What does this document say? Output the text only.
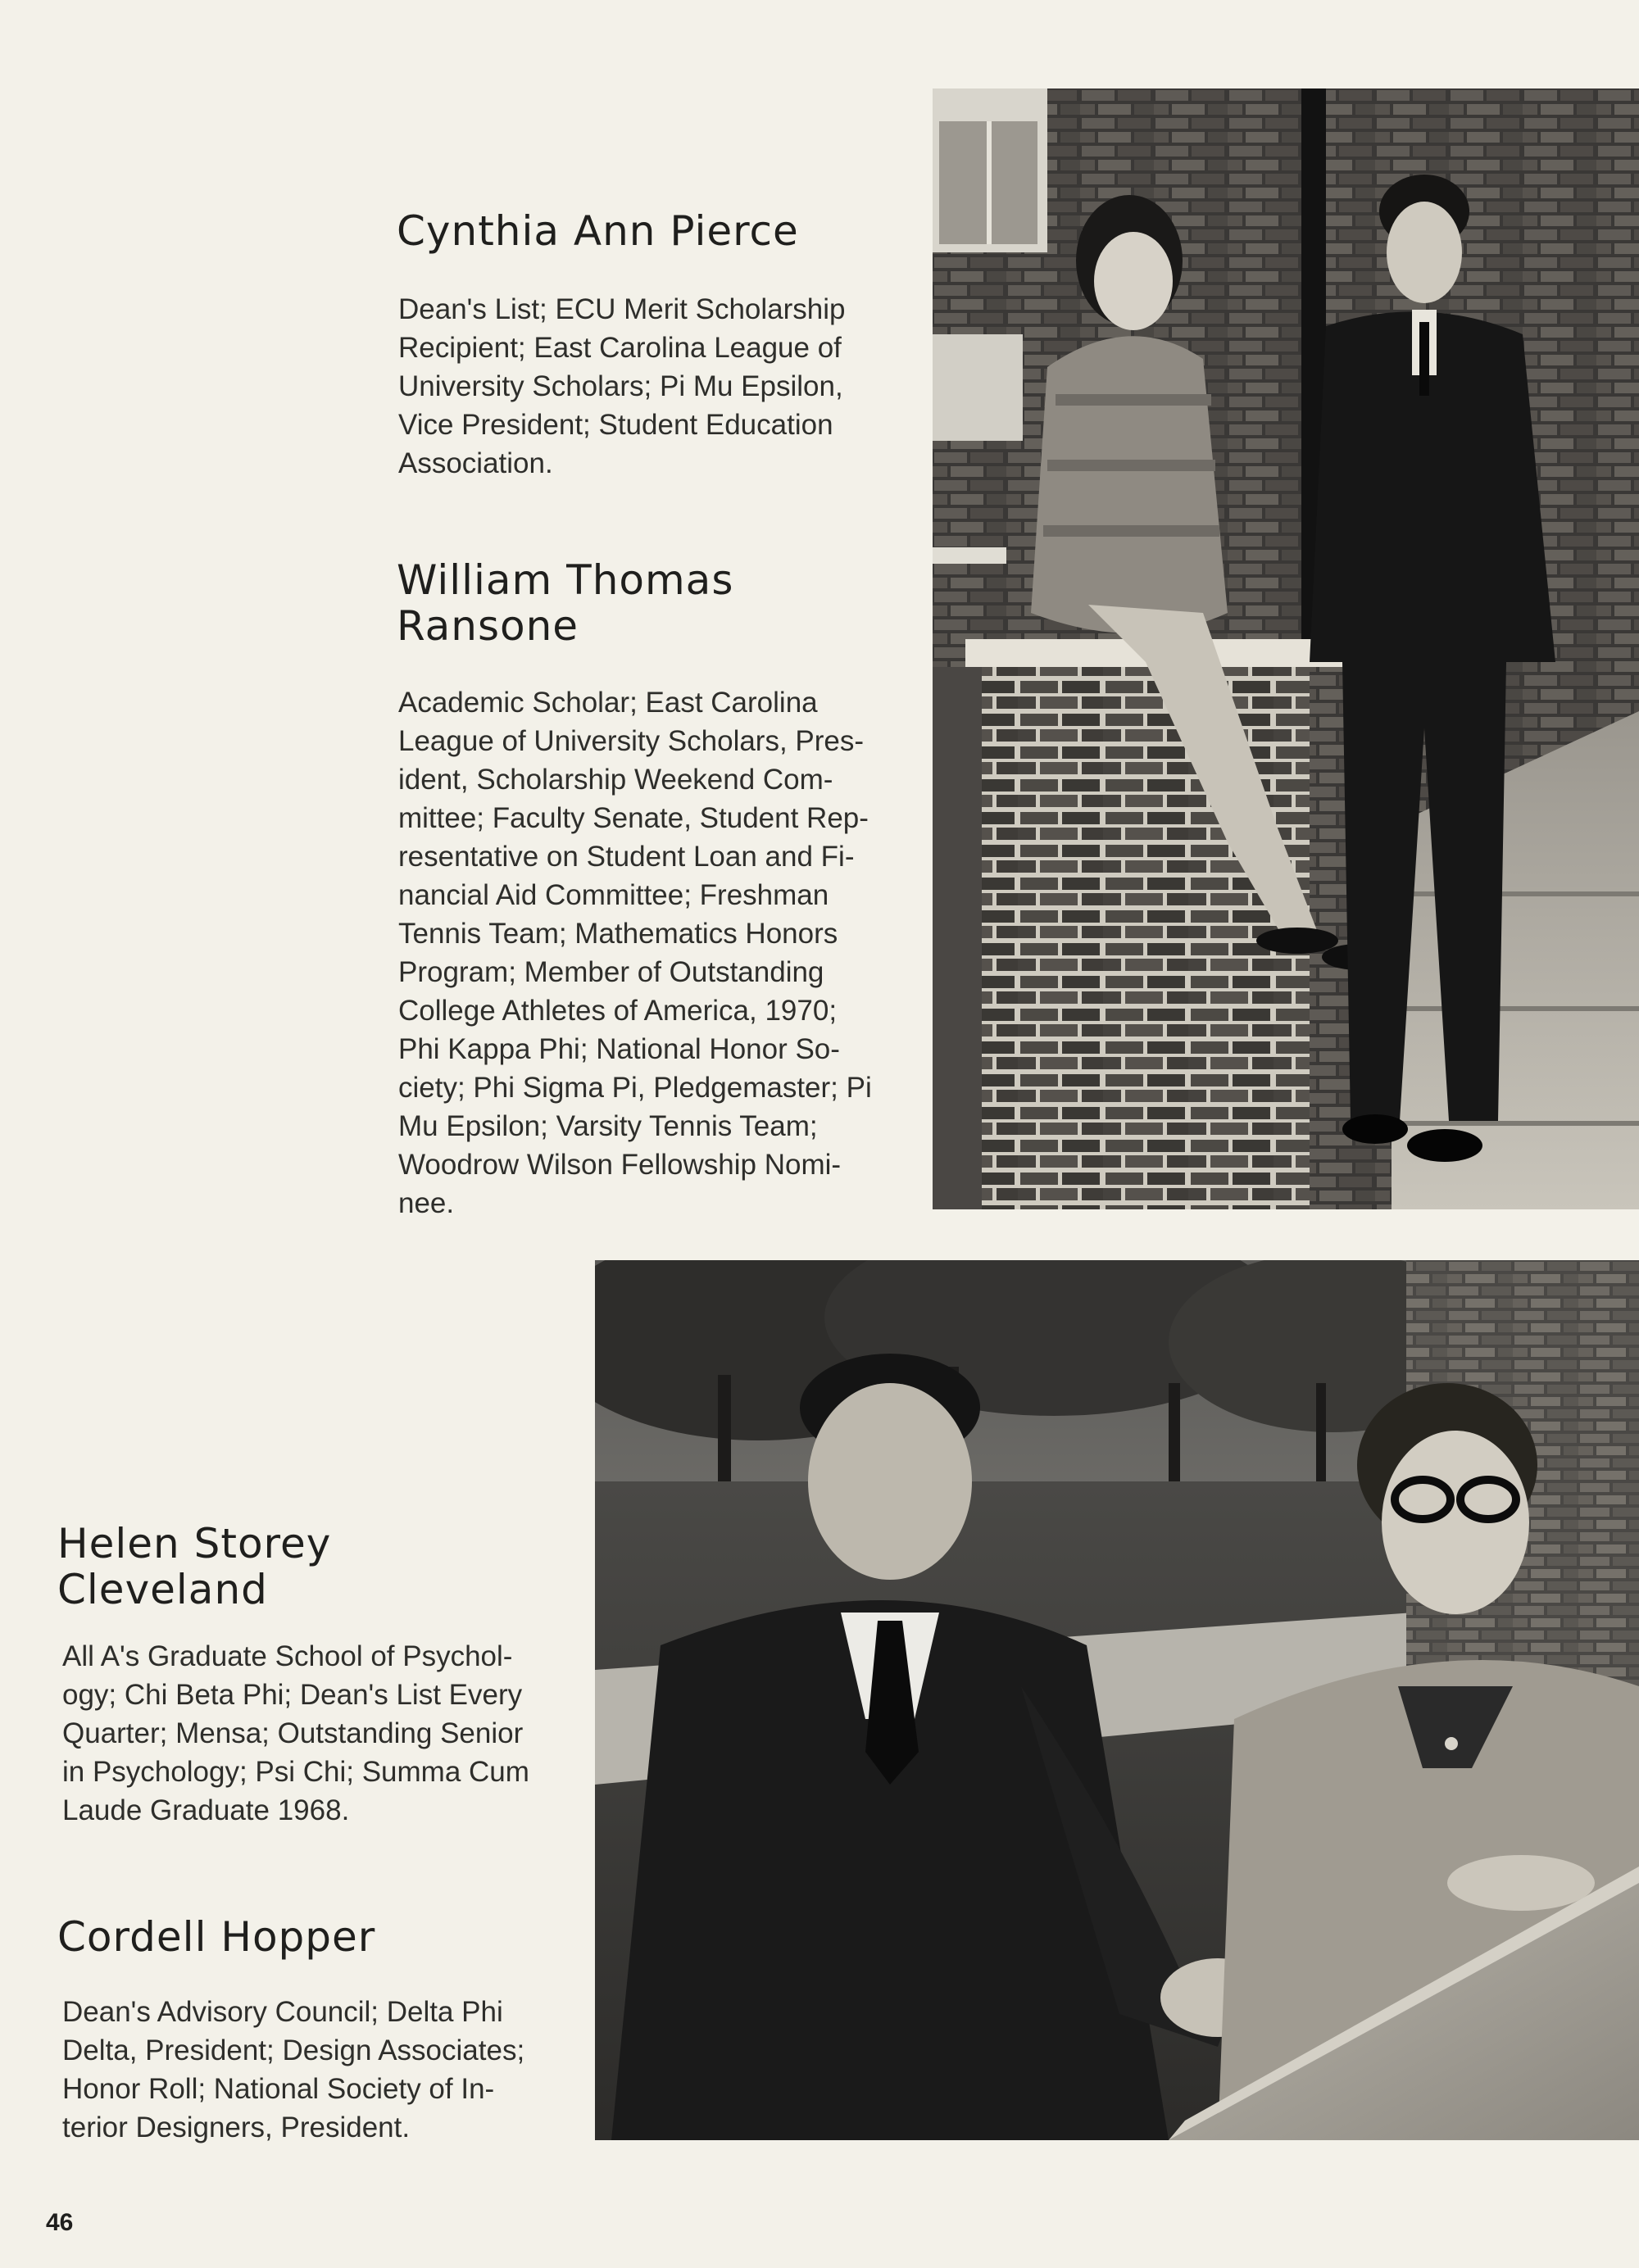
Cynthia Ann Pierce
Dean's List; ECU Merit Scholarship
Recipient; East Carolina League of
University Scholars; Pi Mu Epsilon,
Vice President; Student Education
Association.
William Thomas
Ransone
Academic Scholar; East Carolina
League of University Scholars, Pres-
ident, Scholarship Weekend Com-
mittee; Faculty Senate, Student Rep-
resentative on Student Loan and Fi-
nancial Aid Committee; Freshman
Tennis Team; Mathematics Honors
Program; Member of Outstanding
College Athletes of America, 1970;
Phi Kappa Phi; National Honor So-
ciety; Phi Sigma Pi, Pledgemaster; Pi
Mu Epsilon; Varsity Tennis Team;
Woodrow Wilson Fellowship Nomi-
nee.
Helen Storey
Cleveland
All A's Graduate School of Psychol-
ogy; Chi Beta Phi; Dean's List Every
Quarter; Mensa; Outstanding Senior
in Psychology; Psi Chi; Summa Cum
Laude Graduate 1968.
Cordell Hopper
Dean's Advisory Council; Delta Phi
Delta, President; Design Associates;
Honor Roll; National Society of In-
terior Designers, President.
46
